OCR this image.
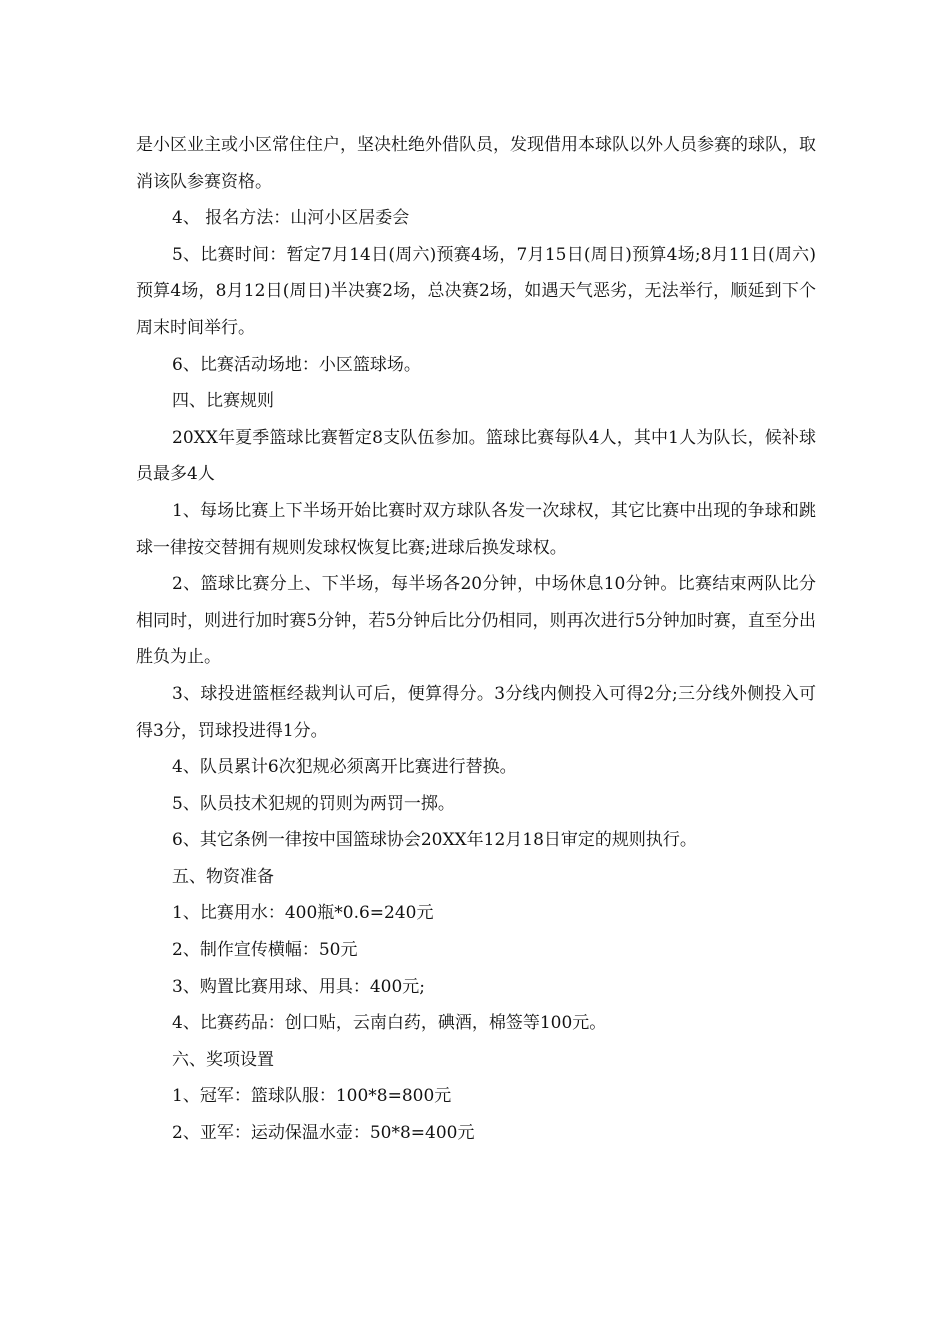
是小区业主或小区常住住户，坚决杜绝外借队员，发现借用本球队以外人员参赛的球队，取消该队参赛资格。

4、 报名方法：山河小区居委会

5、比赛时间：暂定7月14日(周六)预赛4场，7月15日(周日)预算4场;8月11日(周六)预算4场，8月12日(周日)半决赛2场，总决赛2场，如遇天气恶劣，无法举行，顺延到下个周末时间举行。

6、比赛活动场地：小区篮球场。

四、比赛规则

20XX年夏季篮球比赛暂定8支队伍参加。篮球比赛每队4人，其中1人为队长，候补球员最多4人

1、每场比赛上下半场开始比赛时双方球队各发一次球权，其它比赛中出现的争球和跳球一律按交替拥有规则发球权恢复比赛;进球后换发球权。

2、篮球比赛分上、下半场，每半场各20分钟，中场休息10分钟。比赛结束两队比分相同时，则进行加时赛5分钟，若5分钟后比分仍相同，则再次进行5分钟加时赛，直至分出胜负为止。

3、球投进篮框经裁判认可后，便算得分。3分线内侧投入可得2分;三分线外侧投入可得3分，罚球投进得1分。

4、队员累计6次犯规必须离开比赛进行替换。

5、队员技术犯规的罚则为两罚一掷。

6、其它条例一律按中国篮球协会20XX年12月18日审定的规则执行。

五、物资准备

1、比赛用水：400瓶*0.6=240元

2、制作宣传横幅：50元

3、购置比赛用球、用具：400元;

4、比赛药品：创口贴，云南白药，碘酒，棉签等100元。

六、奖项设置

1、冠军：篮球队服：100*8=800元

2、亚军：运动保温水壶：50*8=400元
